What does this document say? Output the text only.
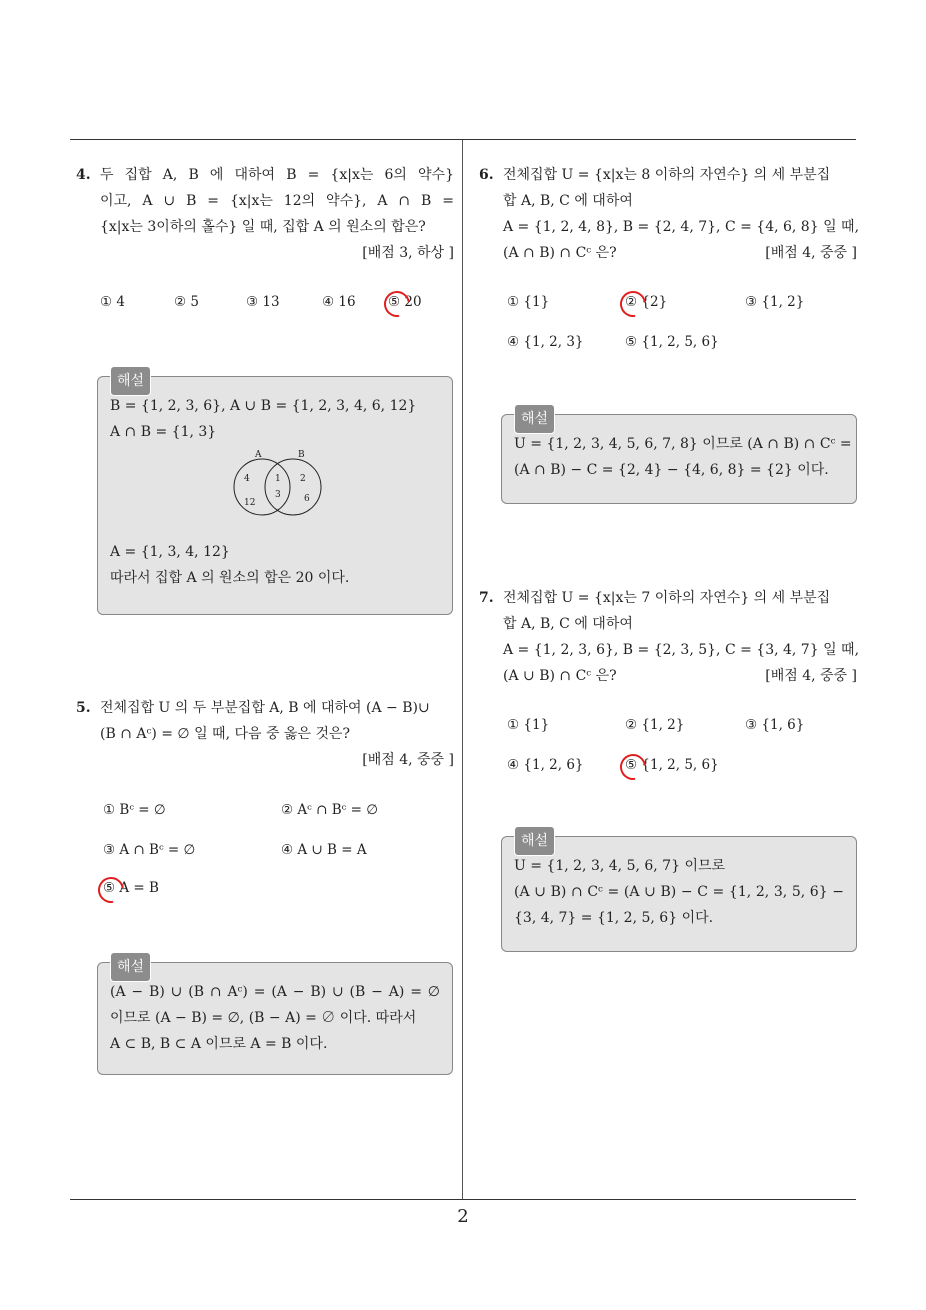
2
4. 두 집합 A, B 에 대하여 B = {x|x는 6의 약수}
이고, A ∪ B = {x|x는 12의 약수}, A ∩ B =
{x|x는 3이하의 홀수} 일 때, 집합 A 의 원소의 합은?
[배점 3, 하상 ]
① 4	② 5	③ 13	④ 16 ⑤ 20
해설
B = {1, 2, 3, 6}, A ∪ B = {1, 2, 3, 4, 6, 12}
A ∩ B = {1, 3}
A	B
4
12
1
3
2
6
A = {1, 3, 4, 12}
따라서 집합 A 의 원소의 합은 20 이다.
5. 전체집합 U 의 두 부분집합 A, B 에 대하여 (A − B)∪
(B ∩ Aᶜ) = ∅ 일 때, 다음 중 옳은 것은?
[배점 4, 중중 ]
① Bᶜ = ∅	② Aᶜ ∩ Bᶜ = ∅
③ A ∩ Bᶜ = ∅	④ A ∪ B = A
⑤ A = B
해설
(A − B) ∪ (B ∩ Aᶜ) = (A − B) ∪ (B − A) = ∅
이므로 (A − B) = ∅, (B − A) = ∅ 이다. 따라서
A ⊂ B, B ⊂ A 이므로 A = B 이다.
6. 전체집합 U = {x|x는 8 이하의 자연수} 의 세 부분집
합 A, B, C 에 대하여
A = {1, 2, 4, 8}, B = {2, 4, 7}, C = {4, 6, 8} 일 때,
(A ∩ B) ∩ Cᶜ 은?	[배점 4, 중중 ]
① {1}	② {2}	③ {1, 2}
④ {1, 2, 3}	⑤ {1, 2, 5, 6}
해설
U = {1, 2, 3, 4, 5, 6, 7, 8} 이므로 (A ∩ B) ∩ Cᶜ =
(A ∩ B) − C = {2, 4} − {4, 6, 8} = {2} 이다.
7. 전체집합 U = {x|x는 7 이하의 자연수} 의 세 부분집
합 A, B, C 에 대하여
A = {1, 2, 3, 6}, B = {2, 3, 5}, C = {3, 4, 7} 일 때,
(A ∪ B) ∩ Cᶜ 은?	[배점 4, 중중 ]
① {1}	② {1, 2}	③ {1, 6}
④ {1, 2, 6}	⑤ {1, 2, 5, 6}
해설
U = {1, 2, 3, 4, 5, 6, 7} 이므로
(A ∪ B) ∩ Cᶜ = (A ∪ B) − C = {1, 2, 3, 5, 6} −
{3, 4, 7} = {1, 2, 5, 6} 이다.
